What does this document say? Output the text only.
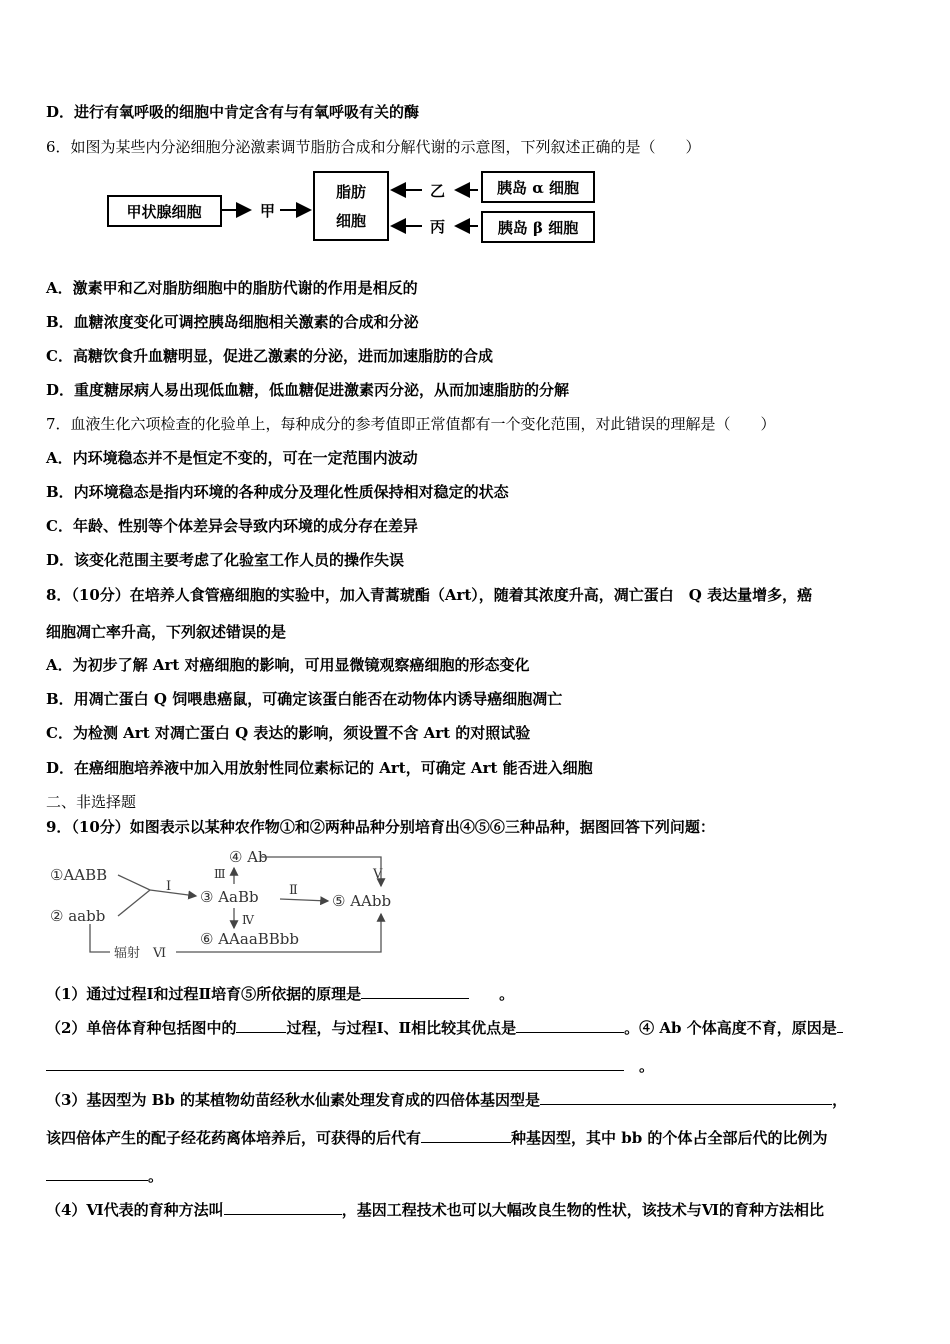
D．进行有氧呼吸的细胞中肯定含有与有氧呼吸有关的酶
6．如图为某些内分泌细胞分泌激素调节脂肪合成和分解代谢的示意图，下列叙述正确的是（　　）
甲状腺细胞	甲
脂肪
细胞
乙
丙
胰岛 α 细胞
胰岛 β 细胞
A．激素甲和乙对脂肪细胞中的脂肪代谢的作用是相反的
B．血糖浓度变化可调控胰岛细胞相关激素的合成和分泌
C．高糖饮食升血糖明显，促进乙激素的分泌，进而加速脂肪的合成
D．重度糖尿病人易出现低血糖，低血糖促进激素丙分泌，从而加速脂肪的分解
7．血液生化六项检查的化验单上，每种成分的参考值即正常值都有一个变化范围，对此错误的理解是（　　）
A．内环境稳态并不是恒定不变的，可在一定范围内波动
B．内环境稳态是指内环境的各种成分及理化性质保持相对稳定的状态
C．年龄、性别等个体差异会导致内环境的成分存在差异
D．该变化范围主要考虑了化验室工作人员的操作失误
8．（10分）在培养人食管癌细胞的实验中，加入青蒿琥酯（Art），随着其浓度升高，凋亡蛋白　Q 表达量增多，癌
细胞凋亡率升高，下列叙述错误的是
A．为初步了解 Art 对癌细胞的影响，可用显微镜观察癌细胞的形态变化
B．用凋亡蛋白 Q 饲喂患癌鼠，可确定该蛋白能否在动物体内诱导癌细胞凋亡
C．为检测 Art 对凋亡蛋白 Q 表达的影响，须设置不含 Art 的对照试验
D．在癌细胞培养液中加入用放射性同位素标记的 Art，可确定 Art 能否进入细胞
二、非选择题
9．（10分）如图表示以某种农作物①和②两种品种分别培育出④⑤⑥三种品种，据图回答下列问题：
①AABB
② aabb
③ AaBb
④ Ab
⑤ AAbb
⑥ AAaaBBbb
Ⅰ	Ⅱ
Ⅲ
Ⅳ
Ⅴ
辐射　Ⅵ
（1）通过过程Ⅰ和过程Ⅱ培育⑤所依据的原理是　　	。
（2）单倍体育种包括图中的	过程，与过程Ⅰ、Ⅱ相比较其优点是	。④ Ab 个体高度不育，原因是
　。
（3）基因型为 Bb 的某植物幼苗经秋水仙素处理发育成的四倍体基因型是	，
该四倍体产生的配子经花药离体培养后，可获得的后代有	种基因型，其中 bb 的个体占全部后代的比例为
。
（4）Ⅵ代表的育种方法叫	，基因工程技术也可以大幅改良生物的性状，该技术与Ⅵ的育种方法相比
